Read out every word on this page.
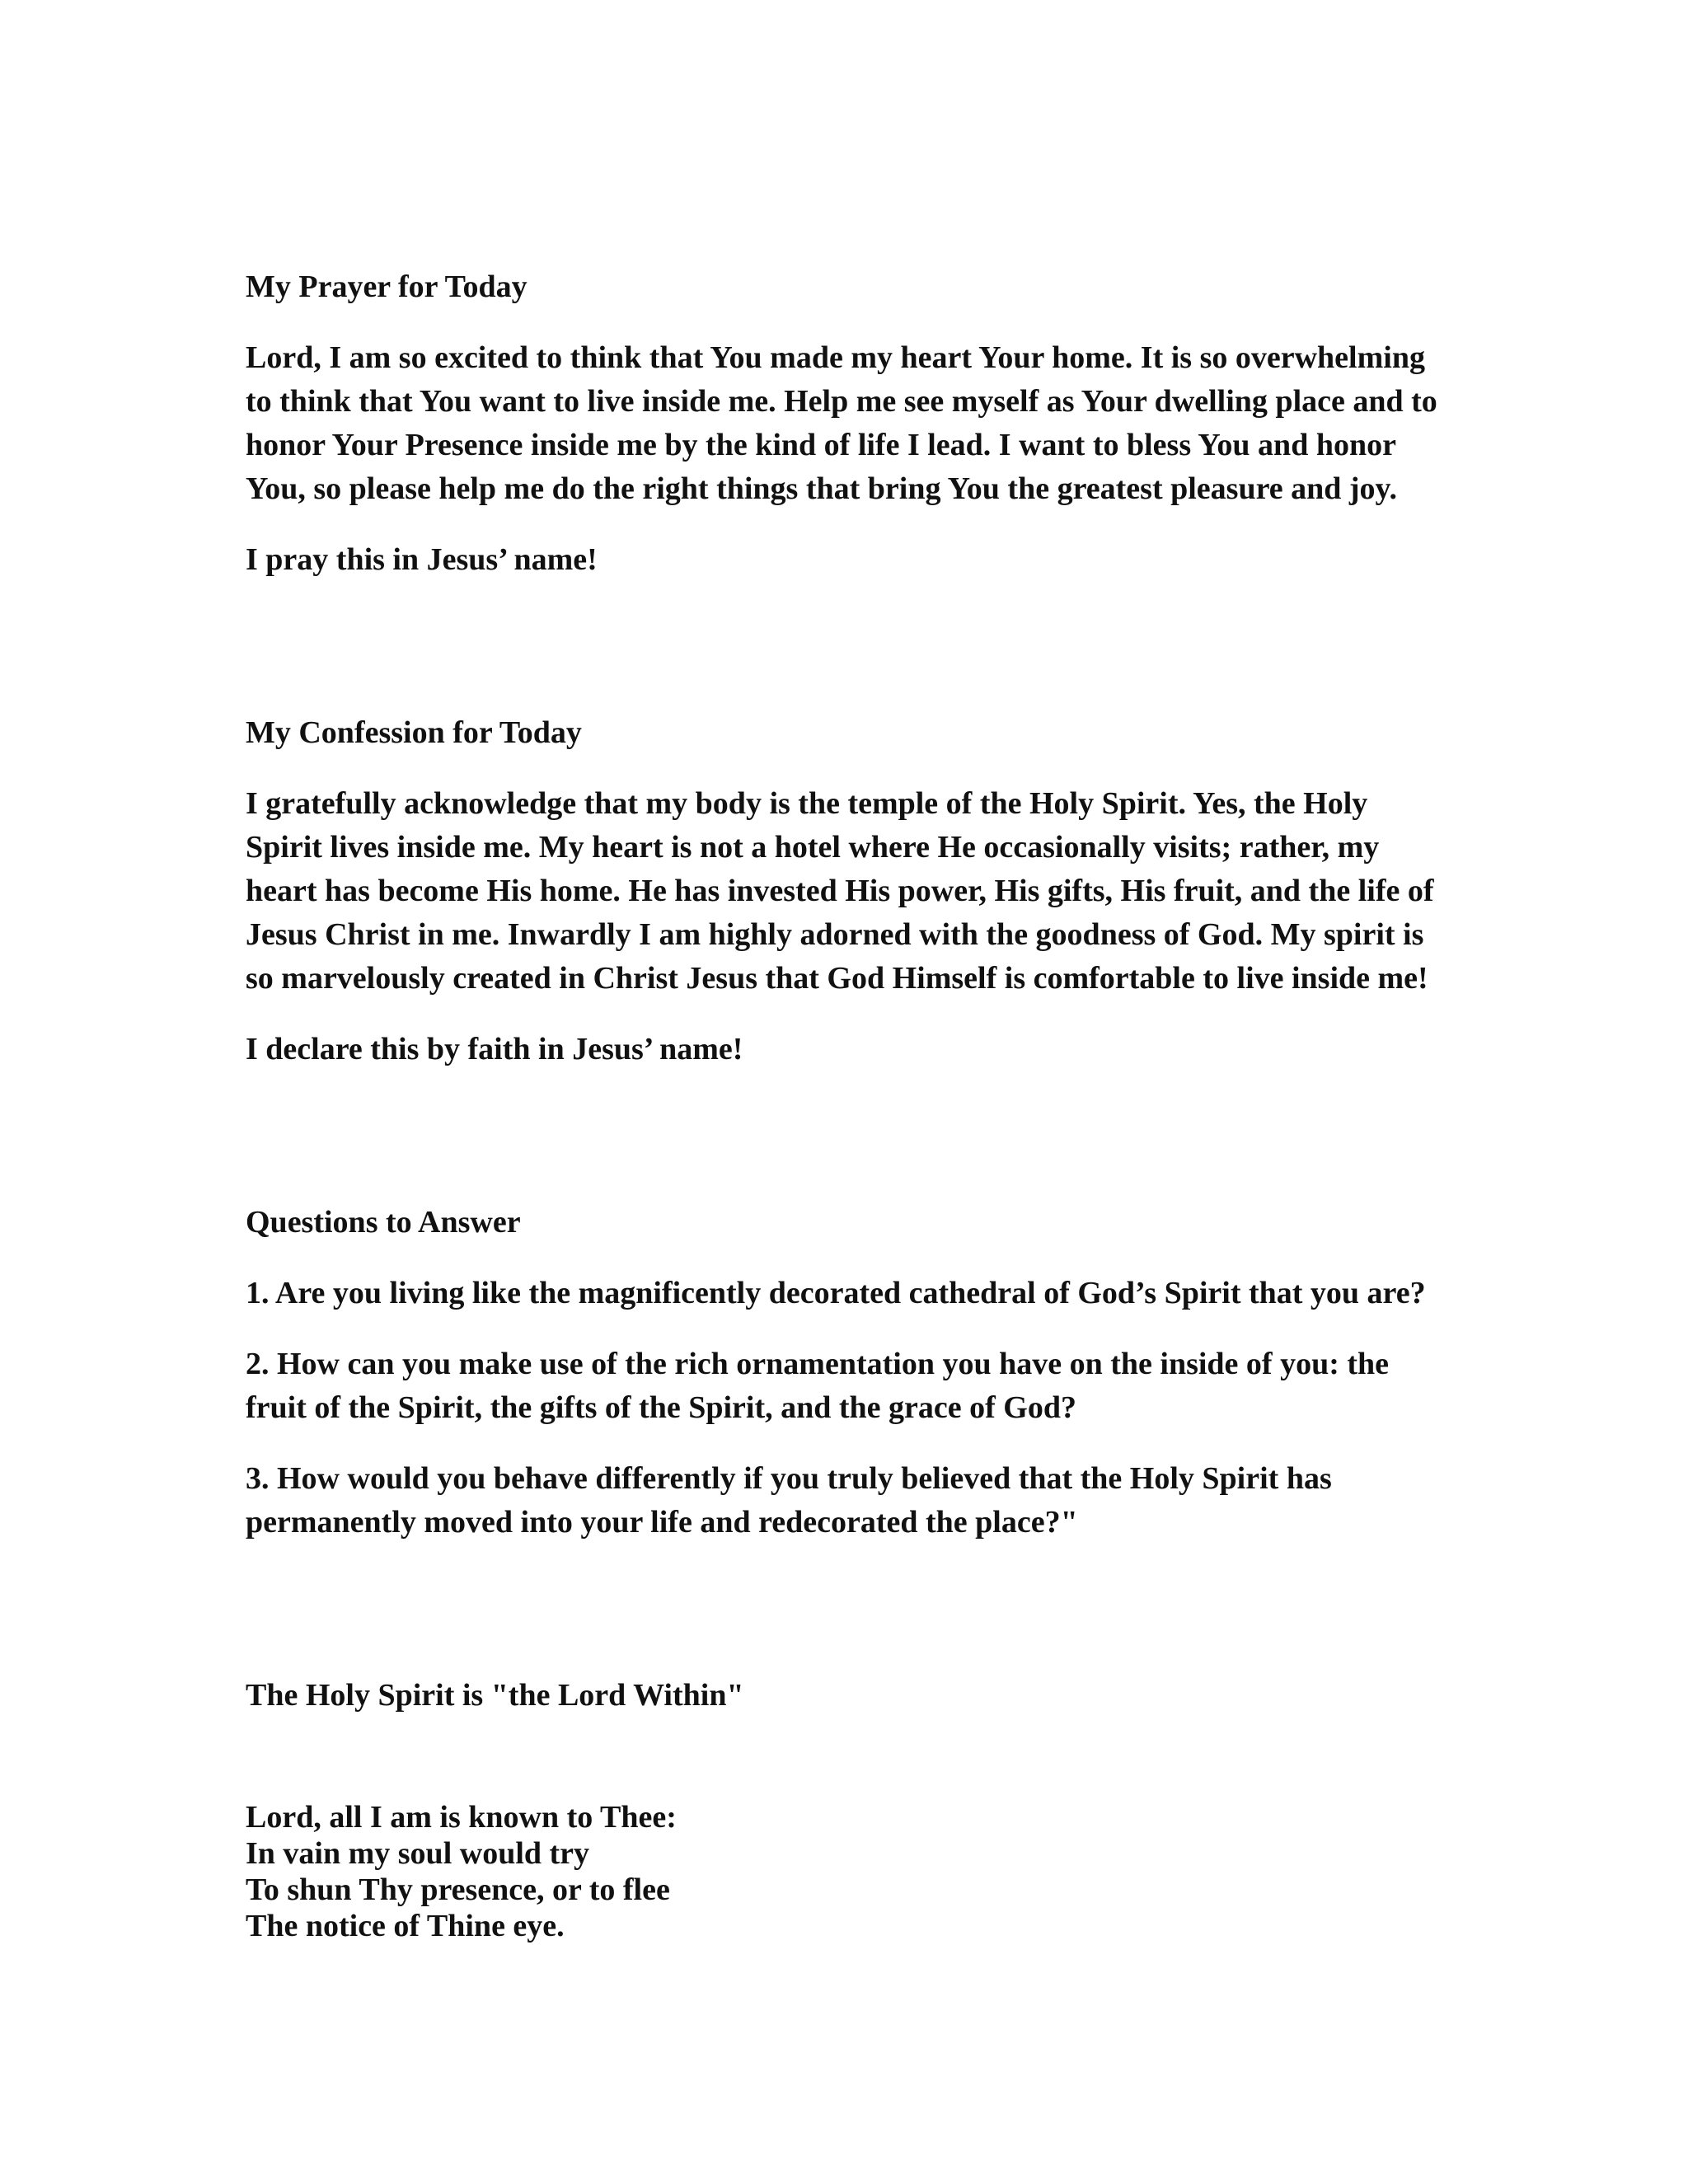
My Prayer for Today
Lord, I am so excited to think that You made my heart Your home. It is so overwhelming to think that You want to live inside me. Help me see myself as Your dwelling place and to honor Your Presence inside me by the kind of life I lead. I want to bless You and honor You, so please help me do the right things that bring You the greatest pleasure and joy.
I pray this in Jesus’ name!
My Confession for Today
I gratefully acknowledge that my body is the temple of the Holy Spirit. Yes, the Holy Spirit lives inside me. My heart is not a hotel where He occasionally visits; rather, my heart has become His home. He has invested His power, His gifts, His fruit, and the life of Jesus Christ in me. Inwardly I am highly adorned with the goodness of God. My spirit is so marvelously created in Christ Jesus that God Himself is comfortable to live inside me!
I declare this by faith in Jesus’ name!
Questions to Answer
1. Are you living like the magnificently decorated cathedral of God’s Spirit that you are?
2. How can you make use of the rich ornamentation you have on the inside of you: the fruit of the Spirit, the gifts of the Spirit, and the grace of God?
3. How would you behave differently if you truly believed that the Holy Spirit has permanently moved into your life and redecorated the place?"
The Holy Spirit is "the Lord Within"
Lord, all I am is known to Thee:
In vain my soul would try
To shun Thy presence, or to flee
The notice of Thine eye.
